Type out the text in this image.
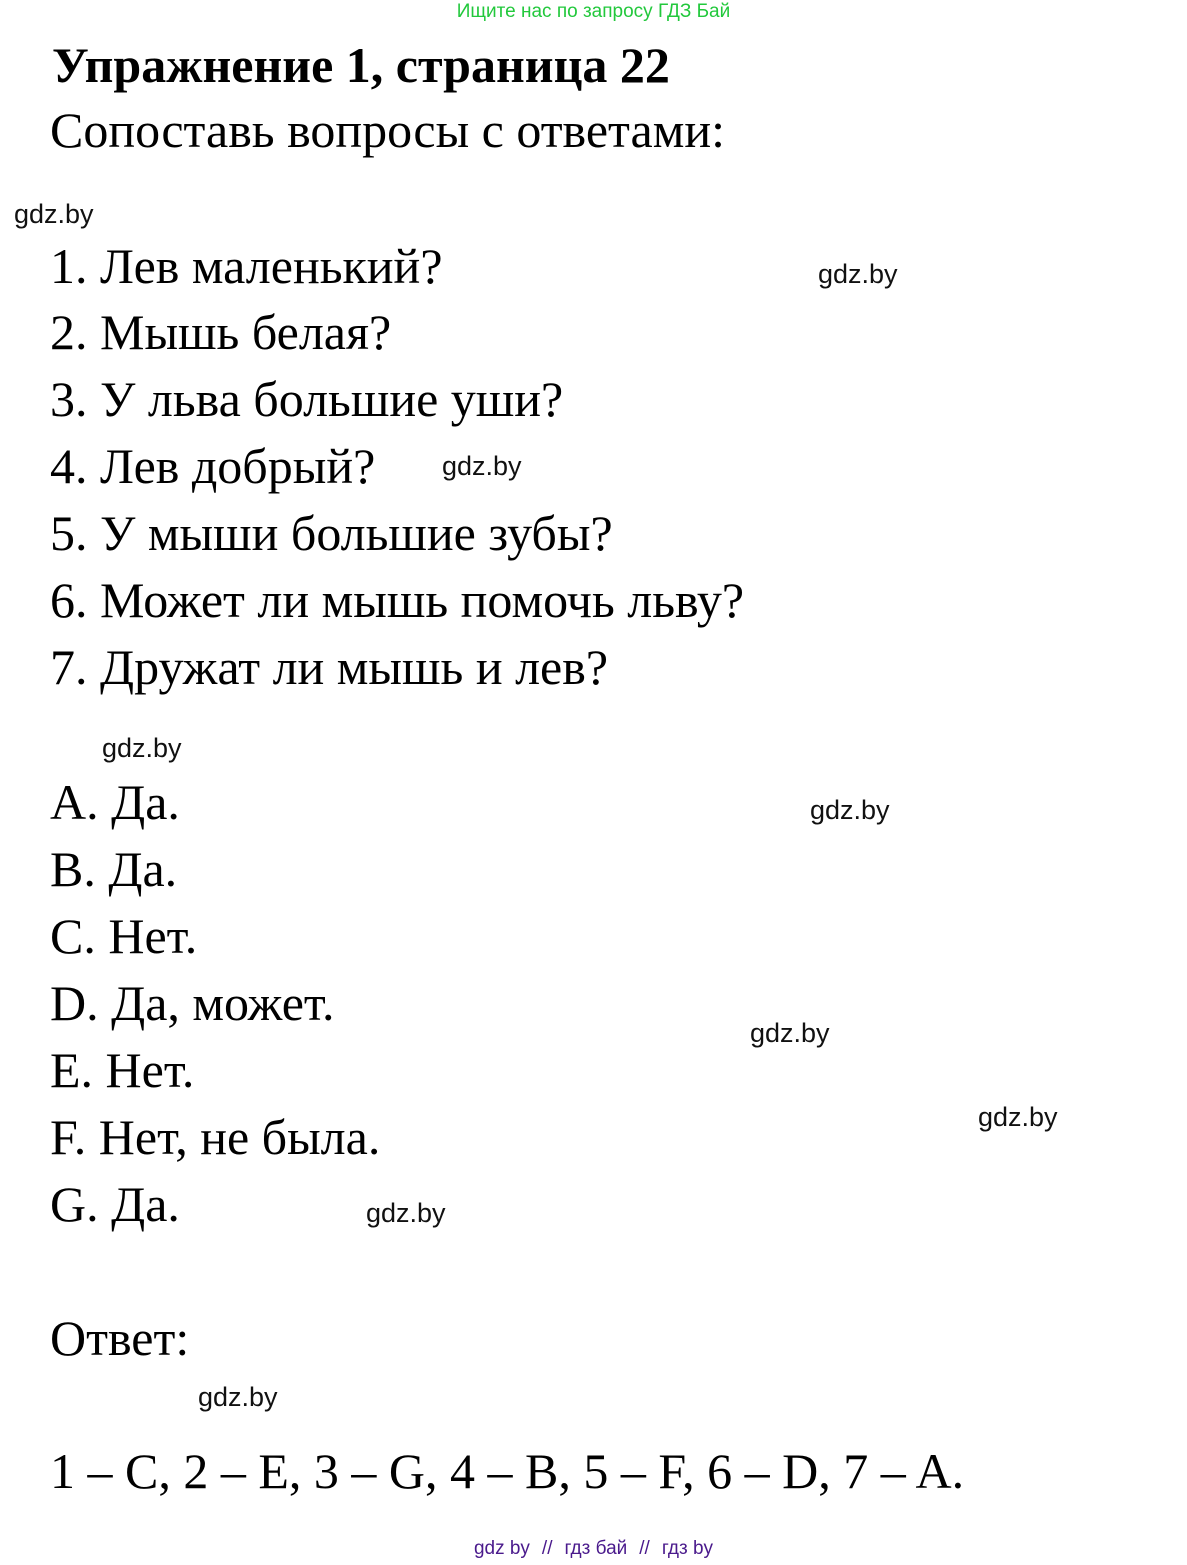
Ищите нас по запросу ГДЗ Бай
Упражнение 1, страница 22
Сопоставь вопросы с ответами:
gdz.by
1. Лев маленький?	gdz.by
2. Мышь белая?
3. У льва большие уши?
4. Лев добрый? gdz.by
5. У мыши большие зубы?
6. Может ли мышь помочь льву?
7. Дружат ли мышь и лев?
gdz.by
A. Да.	gdz.by
B. Да.
C. Нет.
D. Да, может.
gdz.by
E. Нет.
gdz.by
F. Нет, не была.
G. Да.	gdz.by
Ответ:
gdz.by
1 – C, 2 – E, 3 – G, 4 – B, 5 – F, 6 – D, 7 – A.
gdz by // гдз бай // гдз by
